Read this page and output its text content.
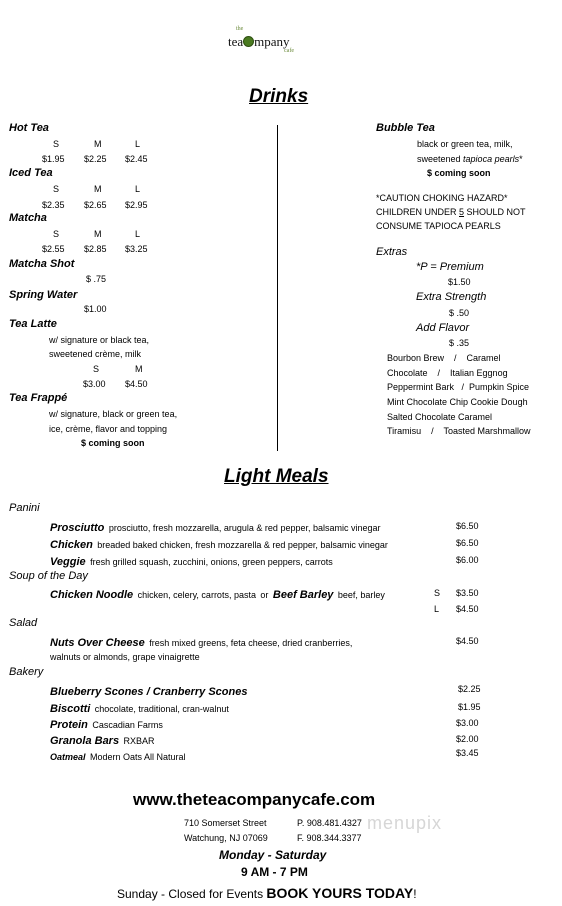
the
tea mpany
cafe
Drinks
Hot Tea
S	M	L
$1.95 $2.25 $2.45
Iced Tea
S	M	L
$2.35 $2.65 $2.95
Matcha
S	M	L
$2.55 $2.85 $3.25
Matcha Shot
$ .75
Spring Water
$1.00
Tea Latte
w/ signature or black tea,
sweetened crème, milk
S	M
$3.00 $4.50
Tea Frappé
w/ signature, black or green tea,
ice, crème, flavor and topping
$ coming soon
Bubble Tea
black or green tea, milk,
sweetened tapioca pearls*
$ coming soon
*CAUTION CHOKING HAZARD*
CHILDREN UNDER 5 SHOULD NOT
CONSUME TAPIOCA PEARLS
Extras
*P = Premium
$1.50
Extra Strength
$ .50
Add Flavor
$ .35
Bourbon Brew    /    Caramel
Chocolate    /    Italian Eggnog
Peppermint Bark   /  Pumpkin Spice
Mint Chocolate Chip Cookie Dough
Salted Chocolate Caramel
Tiramisu    /    Toasted Marshmallow
Light Meals
Panini
Prosciutto prosciutto, fresh mozzarella, arugula & red pepper, balsamic vinegar	$6.50
Chicken breaded baked chicken, fresh mozzarella & red pepper, balsamic vinegar	$6.50
Veggie fresh grilled squash, zucchini, onions, green peppers, carrots	$6.00
Soup of the Day
Chicken Noodle chicken, celery, carrots, pasta or Beef Barley beef, barley	S $3.50
L $4.50
Salad
Nuts Over Cheese fresh mixed greens, feta cheese, dried cranberries,
walnuts or almonds, grape vinaigrette
$4.50
Bakery
Blueberry Scones / Cranberry Scones	$2.25
Biscotti chocolate, traditional, cran-walnut	$1.95
Protein Cascadian Farms	$3.00
Granola Bars RXBAR	$2.00
Oatmeal Modern Oats All Natural	$3.45
www.theteacompanycafe.com
710 Somerset Street	P. 908.481.4327
Watchung, NJ 07069	F. 908.344.3377
menupix
Monday - Saturday
9 AM - 7 PM
Sunday - Closed for Events BOOK YOURS TODAY!
